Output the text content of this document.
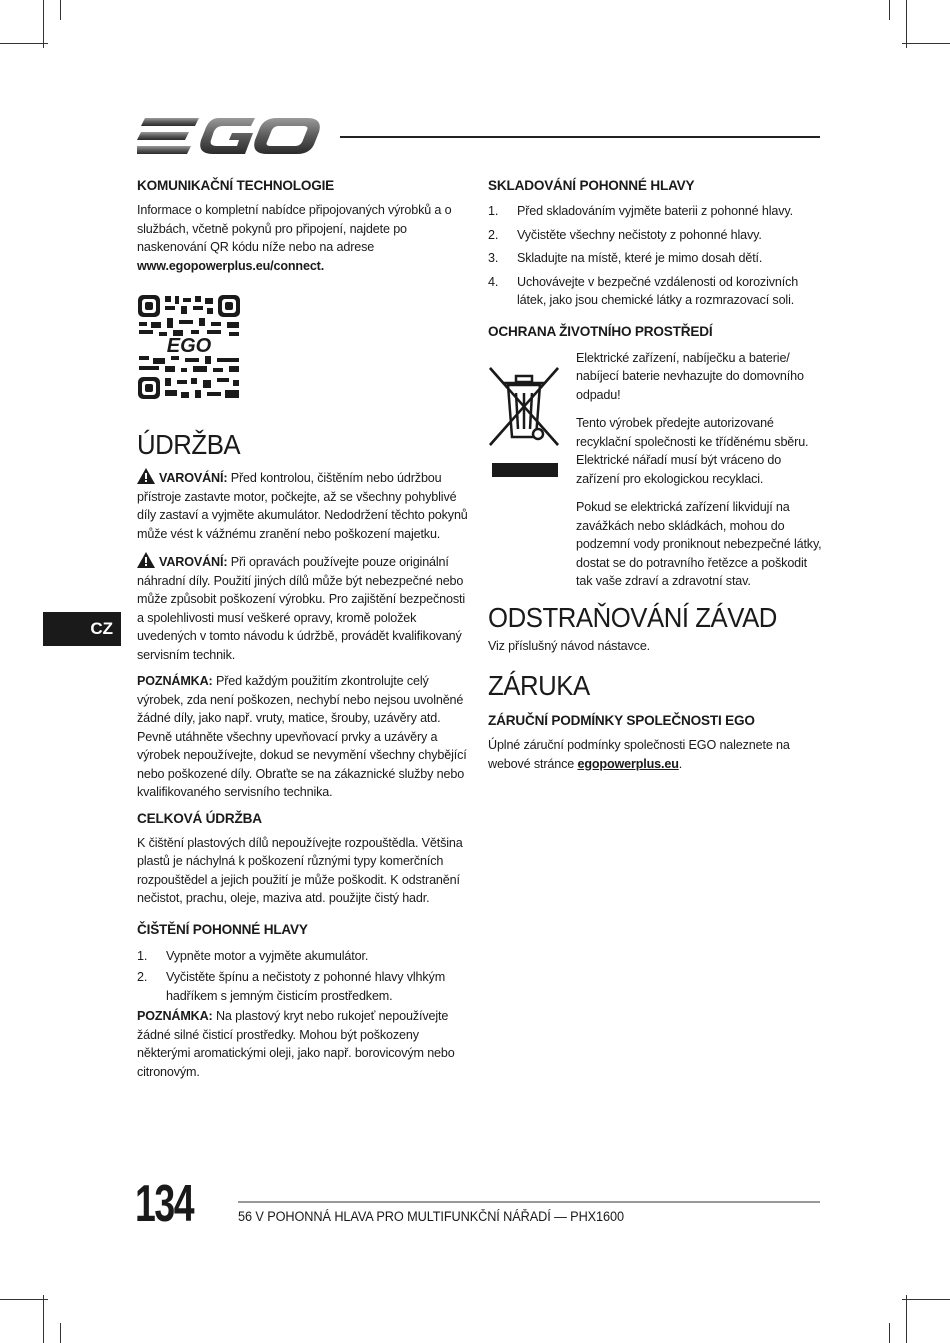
KOMUNIKAČNÍ TECHNOLOGIE

Informace o kompletní nabídce připojovaných výrobků a o službách, včetně pokynů pro připojení, najdete po naskenování QR kódu níže nebo na adrese www.egopowerplus.eu/connect.

EGO
ÚDRŽBA

VAROVÁNÍ: Před kontrolou, čištěním nebo údržbou přístroje zastavte motor, počkejte, až se všechny pohyblivé díly zastaví a vyjměte akumulátor. Nedodržení těchto pokynů může vést k vážnému zranění nebo poškození majetku.

VAROVÁNÍ: Při opravách používejte pouze originální náhradní díly. Použití jiných dílů může být nebezpečné nebo může způsobit poškození výrobku. Pro zajištění bezpečnosti a spolehlivosti musí veškeré opravy, kromě položek uvedených v tomto návodu k údržbě, provádět kvalifikovaný servisním technik.

POZNÁMKA: Před každým použitím zkontrolujte celý výrobek, zda není poškozen, nechybí nebo nejsou uvolněné žádné díly, jako např. vruty, matice, šrouby, uzávěry atd. Pevně utáhněte všechny upevňovací prvky a uzávěry a výrobek nepoužívejte, dokud se nevymění všechny chybějící nebo poškozené díly. Obraťte se na zákaznické služby nebo kvalifikovaného servisního technika.

CELKOVÁ ÚDRŽBA

K čištění plastových dílů nepoužívejte rozpouštědla. Většina plastů je náchylná k poškození různými typy komerčních rozpouštědel a jejich použití je může poškodit. K odstranění nečistot, prachu, oleje, maziva atd. použijte čistý hadr.

ČIŠTĚNÍ POHONNÉ HLAVY
1. Vypněte motor a vyjměte akumulátor.
2. Vyčistěte špínu a nečistoty z pohonné hlavy vlhkým hadříkem s jemným čisticím prostředkem.

POZNÁMKA: Na plastový kryt nebo rukojeť nepoužívejte žádné silné čisticí prostředky. Mohou být poškozeny některými aromatickými oleji, jako např. borovicovým nebo citronovým.

CZ
SKLADOVÁNÍ POHONNÉ HLAVY
1. Před skladováním vyjměte baterii z pohonné hlavy.
2. Vyčistěte všechny nečistoty z pohonné hlavy.
3. Skladujte na místě, které je mimo dosah dětí.
4. Uchovávejte v bezpečné vzdálenosti od korozivních látek, jako jsou chemické látky a rozmrazovací soli.
OCHRANA ŽIVOTNÍHO PROSTŘEDÍ

Elektrické zařízení, nabíječku a baterie/ nabíjecí baterie nevhazujte do domovního odpadu!

Tento výrobek předejte autorizované recyklační společnosti ke tříděnému sběru. Elektrické nářadí musí být vráceno do zařízení pro ekologickou recyklaci.

Pokud se elektrická zařízení likvidují na zavážkách nebo skládkách, mohou do podzemní vody proniknout nebezpečné látky, dostat se do potravního řetězce a poškodit tak vaše zdraví a zdravotní stav.

ODSTRAŇOVÁNÍ ZÁVAD

Viz příslušný návod nástavce.

ZÁRUKA
ZÁRUČNÍ PODMÍNKY SPOLEČNOSTI EGO

Úplné záruční podmínky společnosti EGO naleznete na webové stránce egopowerplus.eu.

134	56 V POHONNÁ HLAVA PRO MULTIFUNKČNÍ NÁŘADÍ — PHX1600
